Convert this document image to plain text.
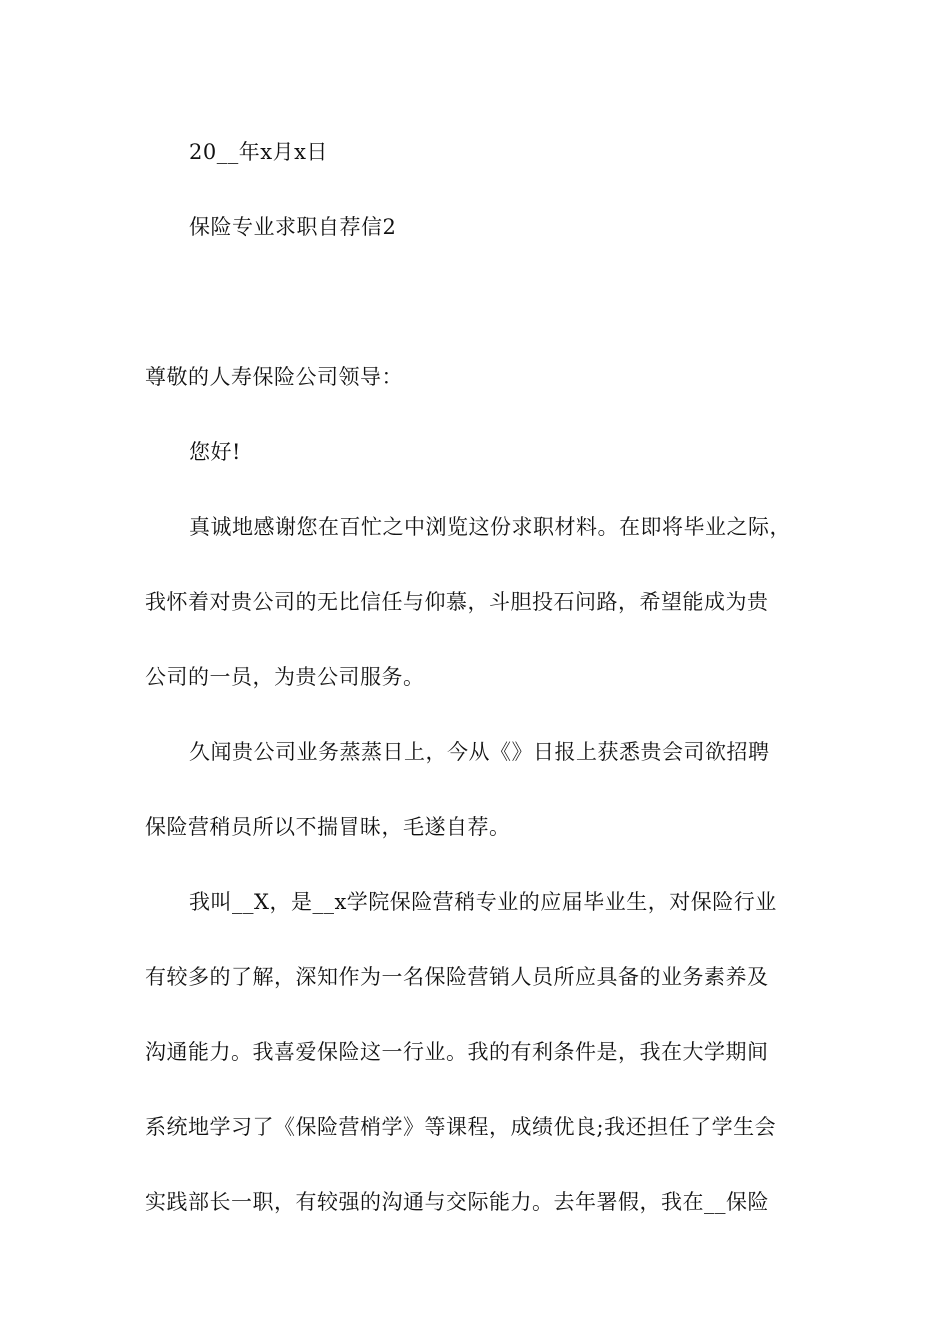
20__年x月x日
保险专业求职自荐信2
尊敬的人寿保险公司领导：
您好!
真诚地感谢您在百忙之中浏览这份求职材料。在即将毕业之际，
我怀着对贵公司的无比信任与仰慕，斗胆投石问路，希望能成为贵
公司的一员，为贵公司服务。
久闻贵公司业务蒸蒸日上，今从《》日报上获悉贵会司欲招聘
保险营稍员所以不揣冒昧，毛遂自荐。
我叫__X，是__x学院保险营稍专业的应届毕业生，对保险行业
有较多的了解，深知作为一名保险营销人员所应具备的业务素养及
沟通能力。我喜爱保险这一行业。我的有利条件是，我在大学期间
系统地学习了《保险营梢学》等课程，成绩优良;我还担任了学生会
实践部长一职，有较强的沟通与交际能力。去年署假，我在__保险
